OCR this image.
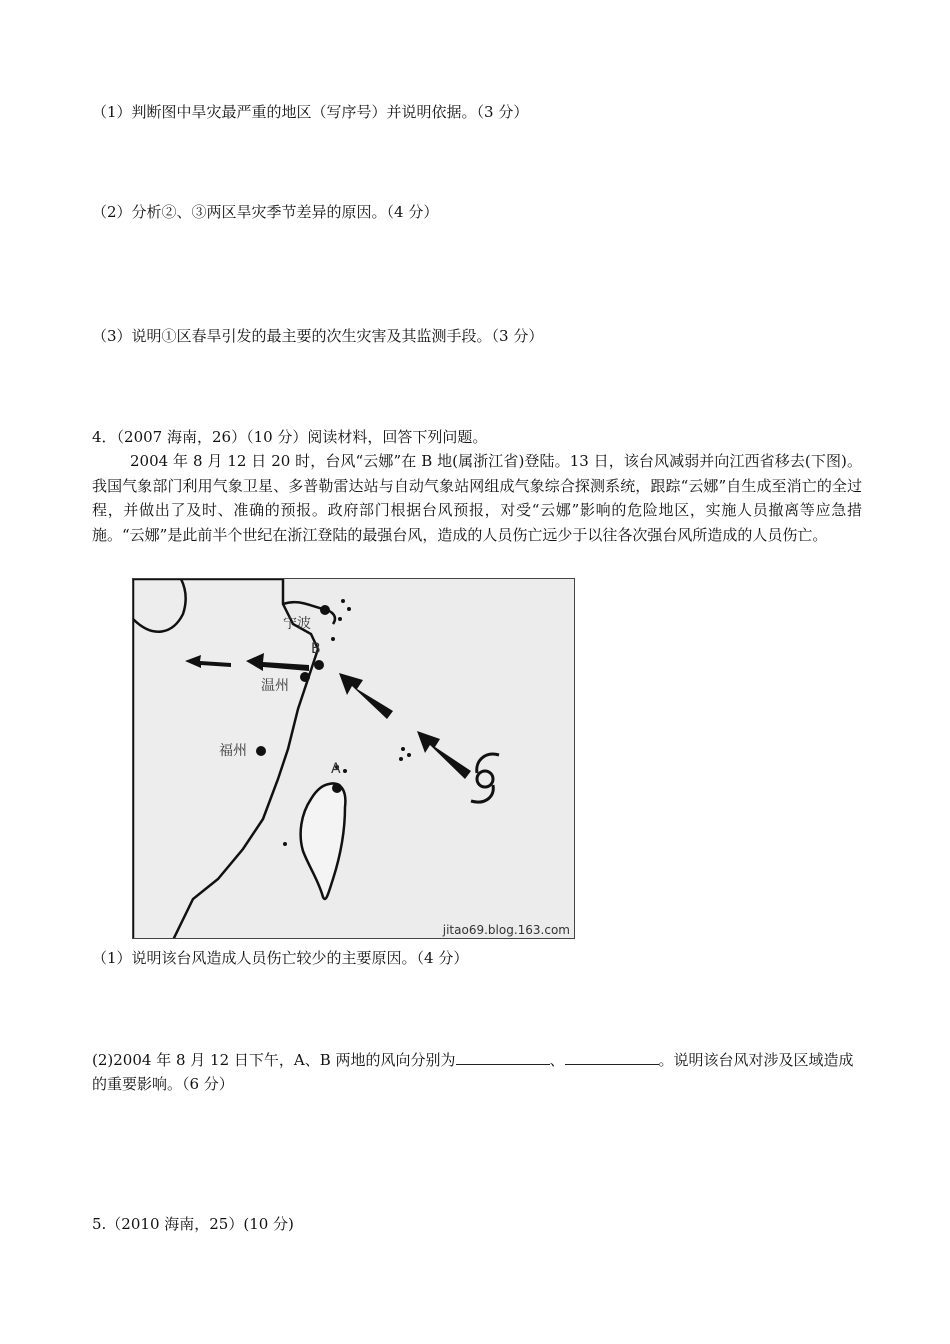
（1）判断图中旱灾最严重的地区（写序号）并说明依据。（3 分）
（2）分析②、③两区旱灾季节差异的原因。（4 分）
（3）说明①区春旱引发的最主要的次生灾害及其监测手段。（3 分）
4．（2007 海南，26）（10 分）阅读材料，回答下列问题。
2004 年 8 月 12 日 20 时，台风“云娜”在 B 地(属浙江省)登陆。13 日，该台风减弱并向江西省移去(下图)。我国气象部门利用气象卫星、多普勒雷达站与自动气象站网组成气象综合探测系统，跟踪“云娜”自生成至消亡的全过程，并做出了及时、准确的预报。政府部门根据台风预报，对受“云娜”影响的危险地区，实施人员撤离等应急措施。“云娜”是此前半个世纪在浙江登陆的最强台风，造成的人员伤亡远少于以往各次强台风所造成的人员伤亡。
宁波
B
温州
福州
A
jitao69.blog.163.com
（1）说明该台风造成人员伤亡较少的主要原因。（4 分）
(2)2004 年 8 月 12 日下午，A、B 两地的风向分别为	、	。说明该台风对涉及区域造成
的重要影响。（6 分）
5.（2010 海南，25）(10 分)
